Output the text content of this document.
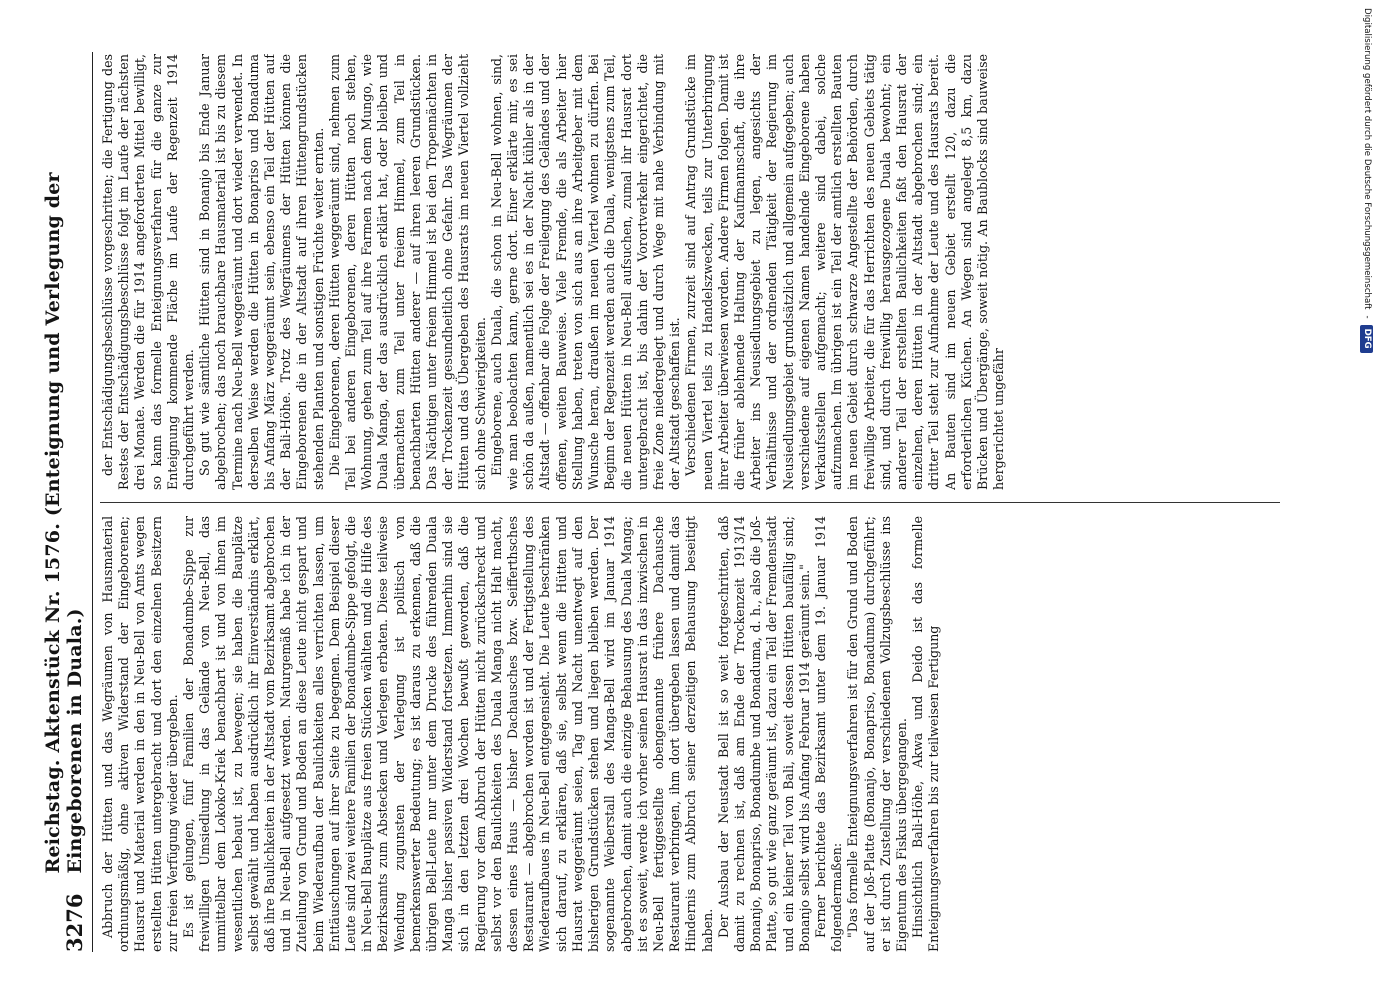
3276
Reichstag. Aktenstück Nr. 1576. (Enteignung und Verlegung der Eingeborenen in Duala.)	Abbruch der Hütten und das Wegräumen von Hausmaterial ordnungsmäßig, ohne aktiven Widerstand der Eingeborenen; Hausrat und Material werden in den in Neu-Bell von Amts wegen erstellten Hütten untergebracht und dort den einzelnen Besitzern zur freien Verfügung wieder übergeben. Es ist gelungen, fünf Familien der Bonadumbe-Sippe zur freiwilligen Umsiedlung in das Gelände von Neu-Bell, das unmittelbar dem Lokoko-Kriek benachbart ist und von ihnen im wesentlichen bebaut ist, zu bewegen; sie haben die Bauplätze selbst gewählt und haben ausdrücklich ihr Einverständnis erklärt, daß ihre Baulichkeiten in der Altstadt vom Bezirksamt abgebrochen und in Neu-Bell aufgesetzt werden. Naturgemäß habe ich in der Zuteilung von Grund und Boden an diese Leute nicht gespart und beim Wiederaufbau der Baulichkeiten alles verrichten lassen, um Enttäuschungen auf ihrer Seite zu begegnen. Dem Beispiel dieser Leute sind zwei weitere Familien der Bonadumbe-Sippe gefolgt, die in Neu-Bell Bauplätze aus freien Stücken wählten und die Hilfe des Bezirksamts zum Abstecken und Verlegen erbaten. Diese teilweise Wendung zugunsten der Verlegung ist politisch von bemerkenswerter Bedeutung; es ist daraus zu erkennen, daß die übrigen Bell-Leute nur unter dem Drucke des führenden Duala Manga bisher passiven Widerstand fortsetzen. Immerhin sind sie sich in den letzten drei Wochen bewußt geworden, daß die Regierung vor dem Abbruch der Hütten nicht zurückschreckt und selbst vor den Baulichkeiten des Duala Manga nicht Halt macht, dessen eines Haus — bisher Dachausches bzw. Seifferthsches Restaurant — abgebrochen worden ist und der Fertigstellung des Wiederaufbaues in Neu-Bell entgegensieht. Die Leute beschränken sich darauf, zu erklären, daß sie, selbst wenn die Hütten und Hausrat weggeräumt seien, Tag und Nacht unentwegt auf den bisherigen Grundstücken stehen und liegen bleiben werden. Der sogenannte Weiberstall des Manga-Bell wird im Januar 1914 abgebrochen, damit auch die einzige Behausung des Duala Manga; ist es soweit, werde ich vorher seinen Hausrat in das inzwischen in Neu-Bell fertiggestellte obengenannte frühere Dachausche Restaurant verbringen, ihm dort übergeben lassen und damit das Hindernis zum Abbruch seiner derzeitigen Behausung beseitigt haben. Der Ausbau der Neustadt Bell ist so weit fortgeschritten, daß damit zu rechnen ist, daß am Ende der Trockenzeit 1913/14 Bonanjo, Bonapriso, Bonadumbe und Bonaduma, d. h., also die Joß-Platte, so gut wie ganz geräumt ist, dazu ein Teil der Fremdenstadt und ein kleiner Teil von Bali, soweit dessen Hütten baufällig sind; Bonanjo selbst wird bis Anfang Februar 1914 geräumt sein." Ferner berichtete das Bezirksamt unter dem 19. Januar 1914 folgendermaßen: "Das formelle Enteignungsverfahren ist für den Grund und Boden auf der Joß-Platte (Bonanjo, Bonapriso, Bonaduma) durchgeführt; er ist durch Zustellung der verschiedenen Vollzugsbeschlüsse ins Eigentum des Fiskus übergegangen. Hinsichtlich Bali-Höhe, Akwa und Deido ist das formelle Enteignungsverfahren bis zur teilweisen Fertigung

der Entschädigungsbeschlüsse vorgeschritten; die Fertigung des Restes der Entschädigungsbeschlüsse folgt im Laufe der nächsten drei Monate. Werden die für 1914 angeforderten Mittel bewilligt, so kann das formelle Enteignungsverfahren für die ganze zur Enteignung kommende Fläche im Laufe der Regenzeit 1914 durchgeführt werden. So gut wie sämtliche Hütten sind in Bonanjo bis Ende Januar abgebrochen; das noch brauchbare Hausmaterial ist bis zu diesem Termine nach Neu-Bell weggeräumt und dort wieder verwendet. In derselben Weise werden die Hütten in Bonapriso und Bonaduma bis Anfang März weggeräumt sein, ebenso ein Teil der Hütten auf der Bali-Höhe. Trotz des Wegräumens der Hütten können die Eingeborenen die in der Altstadt auf ihren Hüttengrundstücken stehenden Planten und sonstigen Früchte weiter ernten. Die Eingeborenen, deren Hütten weggeräumt sind, nehmen zum Teil bei anderen Eingeborenen, deren Hütten noch stehen, Wohnung, gehen zum Teil auf ihre Farmen nach dem Mungo, wie Duala Manga, der das ausdrücklich erklärt hat, oder bleiben und übernachten zum Teil unter freiem Himmel, zum Teil in benachbarten Hütten anderer — auf ihren leeren Grundstücken. Das Nächtigen unter freiem Himmel ist bei den Tropennächten in der Trockenzeit gesundheitlich ohne Gefahr. Das Wegräumen der Hütten und das Übergeben des Hausrats im neuen Viertel vollzieht sich ohne Schwierigkeiten. Eingeborene, auch Duala, die schon in Neu-Bell wohnen, sind, wie man beobachten kann, gerne dort. Einer erklärte mir, es sei schön da außen, namentlich sei es in der Nacht kühler als in der Altstadt — offenbar die Folge der Freilegung des Geländes und der offenen, weiten Bauweise. Viele Fremde, die als Arbeiter hier Stellung haben, treten von sich aus an ihre Arbeitgeber mit dem Wunsche heran, draußen im neuen Viertel wohnen zu dürfen. Bei Beginn der Regenzeit werden auch die Duala, wenigstens zum Teil, die neuen Hütten in Neu-Bell aufsuchen, zumal ihr Hausrat dort untergebracht ist, bis dahin der Vorortverkehr eingerichtet, die freie Zone niedergelegt und durch Wege mit nahe Verbindung mit der Altstadt geschaffen ist. Verschiedenen Firmen, zurzeit sind auf Antrag Grundstücke im neuen Viertel teils zu Handelszwecken, teils zur Unterbringung ihrer Arbeiter überwiesen worden. Andere Firmen folgen. Damit ist die früher ablehnende Haltung der Kaufmannschaft, die ihre Arbeiter ins Neusiedlungsgebiet zu legen, angesichts der Verhältnisse und der ordnenden Tätigkeit der Regierung im Neusiedlungsgebiet grundsätzlich und allgemein aufgegeben; auch verschiedene auf eigenen Namen handelnde Eingeborene haben Verkaufsstellen aufgemacht; weitere sind dabei, solche aufzumachen. Im übrigen ist ein Teil der amtlich erstellten Bauten im neuen Gebiet durch schwarze Angestellte der Behörden, durch freiwillige Arbeiter, die für das Herrichten des neuen Gebiets tätig sind, und durch freiwillig herausgezogene Duala bewohnt; ein anderer Teil der erstellten Baulichkeiten faßt den Hausrat der einzelnen, deren Hütten in der Altstadt abgebrochen sind; ein dritter Teil steht zur Aufnahme der Leute und des Hausrats bereit. An Bauten sind im neuen Gebiet erstellt 120, dazu die erforderlichen Küchen. An Wegen sind angelegt 8,5 km, dazu Brücken und Übergänge, soweit nötig. An Baublocks sind bauweise hergerichtet ungefähr

Digitalisierung gefördert durch die Deutsche Forschungsgemeinschaft
-
DFG
